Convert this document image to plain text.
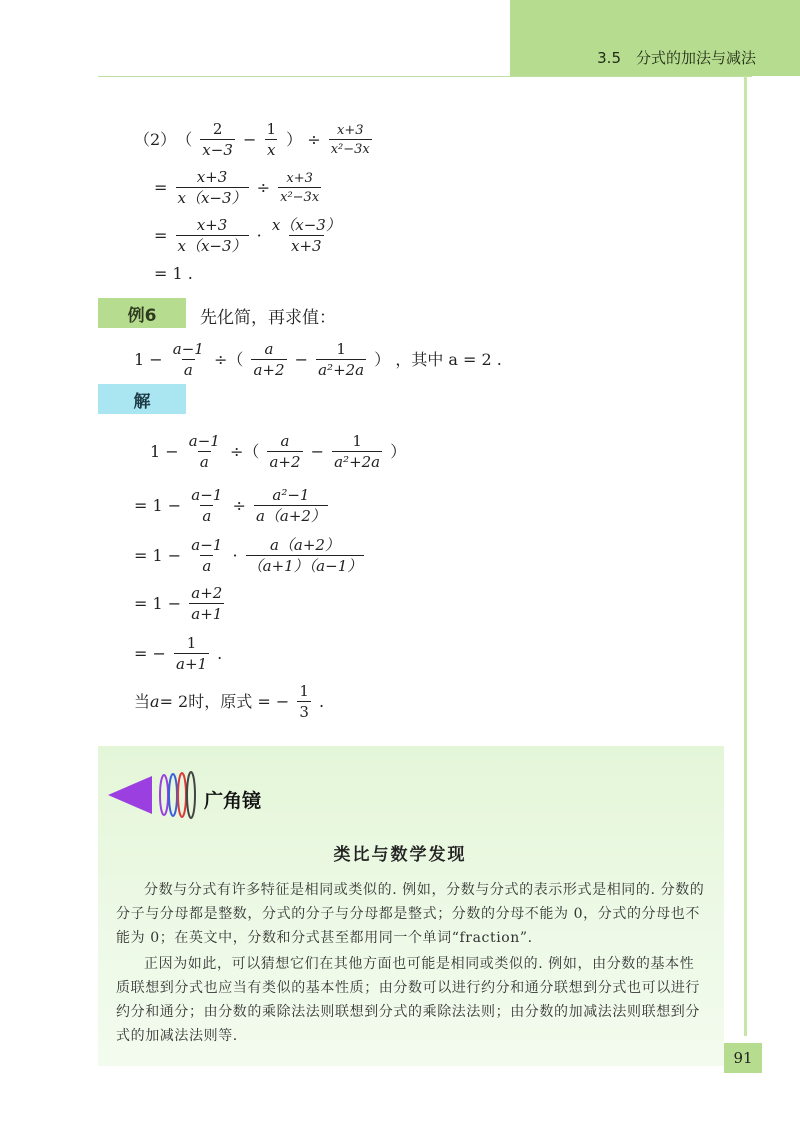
3.5　分式的加法与减法
$(2)( \frac{2}{x-3} - \frac{1}{x}$ ） ÷ $\frac{x+3}{\text{x²−3x}}$
= $\frac{x+3}{x(x-3)} \div \frac{x+3}{\text{x²−3x}}$
= $\frac{x+3}{x(x-3)} \cdot \frac{x(x-3)}{x+3}$
= 1 .
例6	先化简，再求值：
$1 - \frac{a-1}{a}$ ÷（ $\frac{a}{a+2} - \frac{1}{\text{a²+2a}}$ ） ，其中 a = 2 .
解
$1 - \frac{a-1}{a}$ ÷（ $\frac{a}{a+2} - \frac{1}{\text{a²+2a}}$ ）
= $1 - \frac{a-1}{a} \div \frac{\text{a²−1}}{a(a+2)}$
= $1 - \frac{a-1}{a} \cdot \frac{a(a+2)}{(a+1)(a-1)}$
= $1 - \frac{a+2}{a+1}$
= − $\frac{1}{a+1}$ .
当a= 2时，原式 = − $\frac{1}{3}$ .
广角镜
类比与数学发现
分数与分式有许多特征是相同或类似的. 例如，分数与分式的表示形式是相同的. 分数的分子与分母都是整数，分式的分子与分母都是整式；分数的分母不能为 0，分式的分母也不能为 0；在英文中，分数和分式甚至都用同一个单词“fraction”.
正因为如此，可以猜想它们在其他方面也可能是相同或类似的. 例如，由分数的基本性质联想到分式也应当有类似的基本性质；由分数可以进行约分和通分联想到分式也可以进行约分和通分；由分数的乘除法法则联想到分式的乘除法法则；由分数的加减法法则联想到分式的加减法法则等.
91
